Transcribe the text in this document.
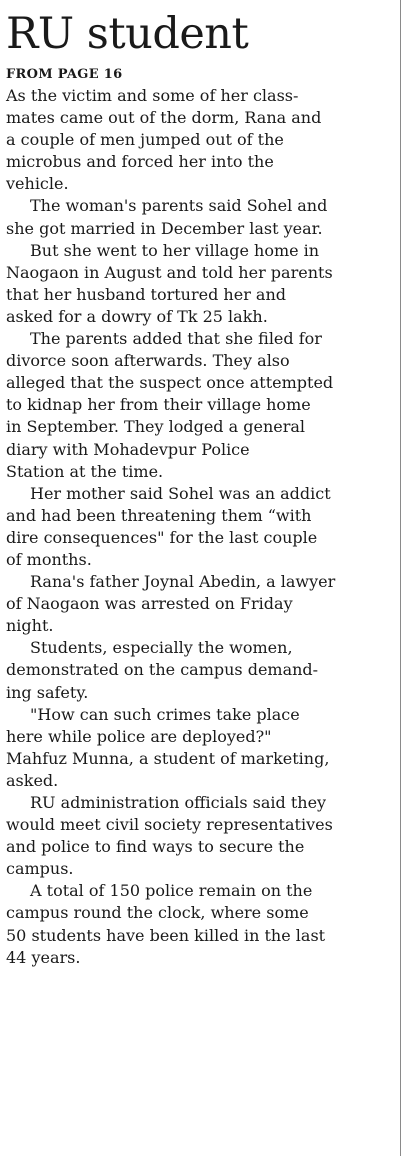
RU student
FROM PAGE 16
As the victim and some of her class-
mates came out of the dorm, Rana and
a couple of men jumped out of the
microbus and forced her into the
vehicle.
The woman's parents said Sohel and
she got married in December last year.
But she went to her village home in
Naogaon in August and told her parents
that her husband tortured her and
asked for a dowry of Tk 25 lakh.
The parents added that she filed for
divorce soon afterwards. They also
alleged that the suspect once attempted
to kidnap her from their village home
in September. They lodged a general
diary with Mohadevpur Police
Station at the time.
Her mother said Sohel was an addict
and had been threatening them “with
dire consequences" for the last couple
of months.
Rana's father Joynal Abedin, a lawyer
of Naogaon was arrested on Friday
night.
Students, especially the women,
demonstrated on the campus demand-
ing safety.
"How can such crimes take place
here while police are deployed?"
Mahfuz Munna, a student of marketing,
asked.
RU administration officials said they
would meet civil society representatives
and police to find ways to secure the
campus.
A total of 150 police remain on the
campus round the clock, where some
50 students have been killed in the last
44 years.
